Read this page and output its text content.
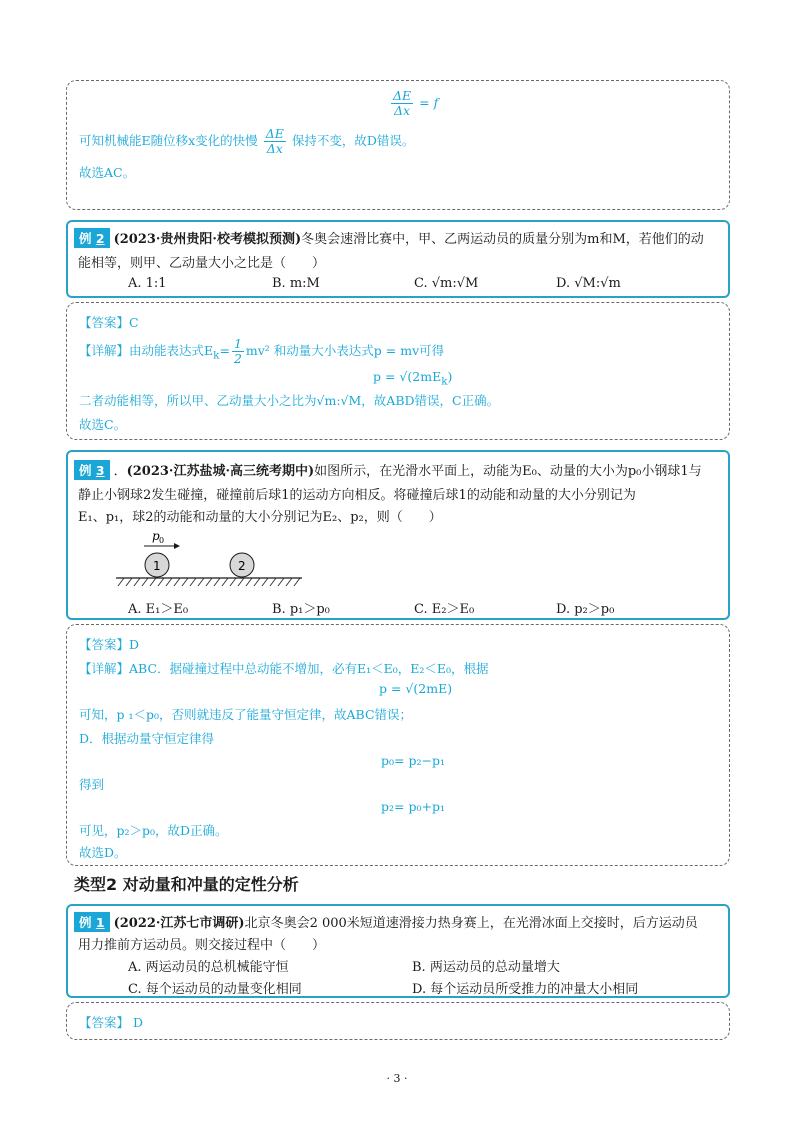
$\frac{\Delta E}{\Delta x} = f$
可知机械能E随位移x变化的快慢 $\frac{\Delta E}{\Delta x}$ 保持不变，故D错误。
故选AC。
例 2 (2023·贵州贵阳·校考模拟预测)冬奥会速滑比赛中，甲、乙两运动员的质量分别为m和M，若他们的动
能相等，则甲、乙动量大小之比是（　　）
A. 1:1	B. m:M	C. √m:√M	D. √M:√m
【答案】C
【详解】由动能表达式$E_k= \frac{1}{2} mv^2$ 和动量大小表达式p = mv可得
$p = √(2mE_k)$
二者动能相等，所以甲、乙动量大小之比为√m:√M，故ABD错误，C正确。
故选C。
例 3 ．(2023·江苏盐城·高三统考期中)如图所示，在光滑水平面上，动能为E₀、动量的大小为p₀小钢球1与
静止小钢球2发生碰撞，碰撞前后球1的运动方向相反。将碰撞后球1的动能和动量的大小分别记为
E₁、p₁，球2的动能和动量的大小分别记为E₂、p₂，则（　　）
p 0
1	2
A. E₁＞E₀	B. p₁＞p₀	C. E₂＞E₀	D. p₂＞p₀
【答案】D
【详解】ABC．据碰撞过程中总动能不增加，必有E₁＜E₀，E₂＜E₀，根据
p = √(2mE)
可知，p ₁＜p₀，否则就违反了能量守恒定律，故ABC错误；
D．根据动量守恒定律得
p₀= p₂−p₁
得到
p₂= p₀+p₁
可见，p₂＞p₀，故D正确。
故选D。
类型2 对动量和冲量的定性分析
例 1 (2022·江苏七市调研)北京冬奥会2 000米短道速滑接力热身赛上，在光滑冰面上交接时，后方运动员
用力推前方运动员。则交接过程中（　　）
A. 两运动员的总机械能守恒	B. 两运动员的总动量增大
C. 每个运动员的动量变化相同	D. 每个运动员所受推力的冲量大小相同
【答案】 D
· 3 ·
